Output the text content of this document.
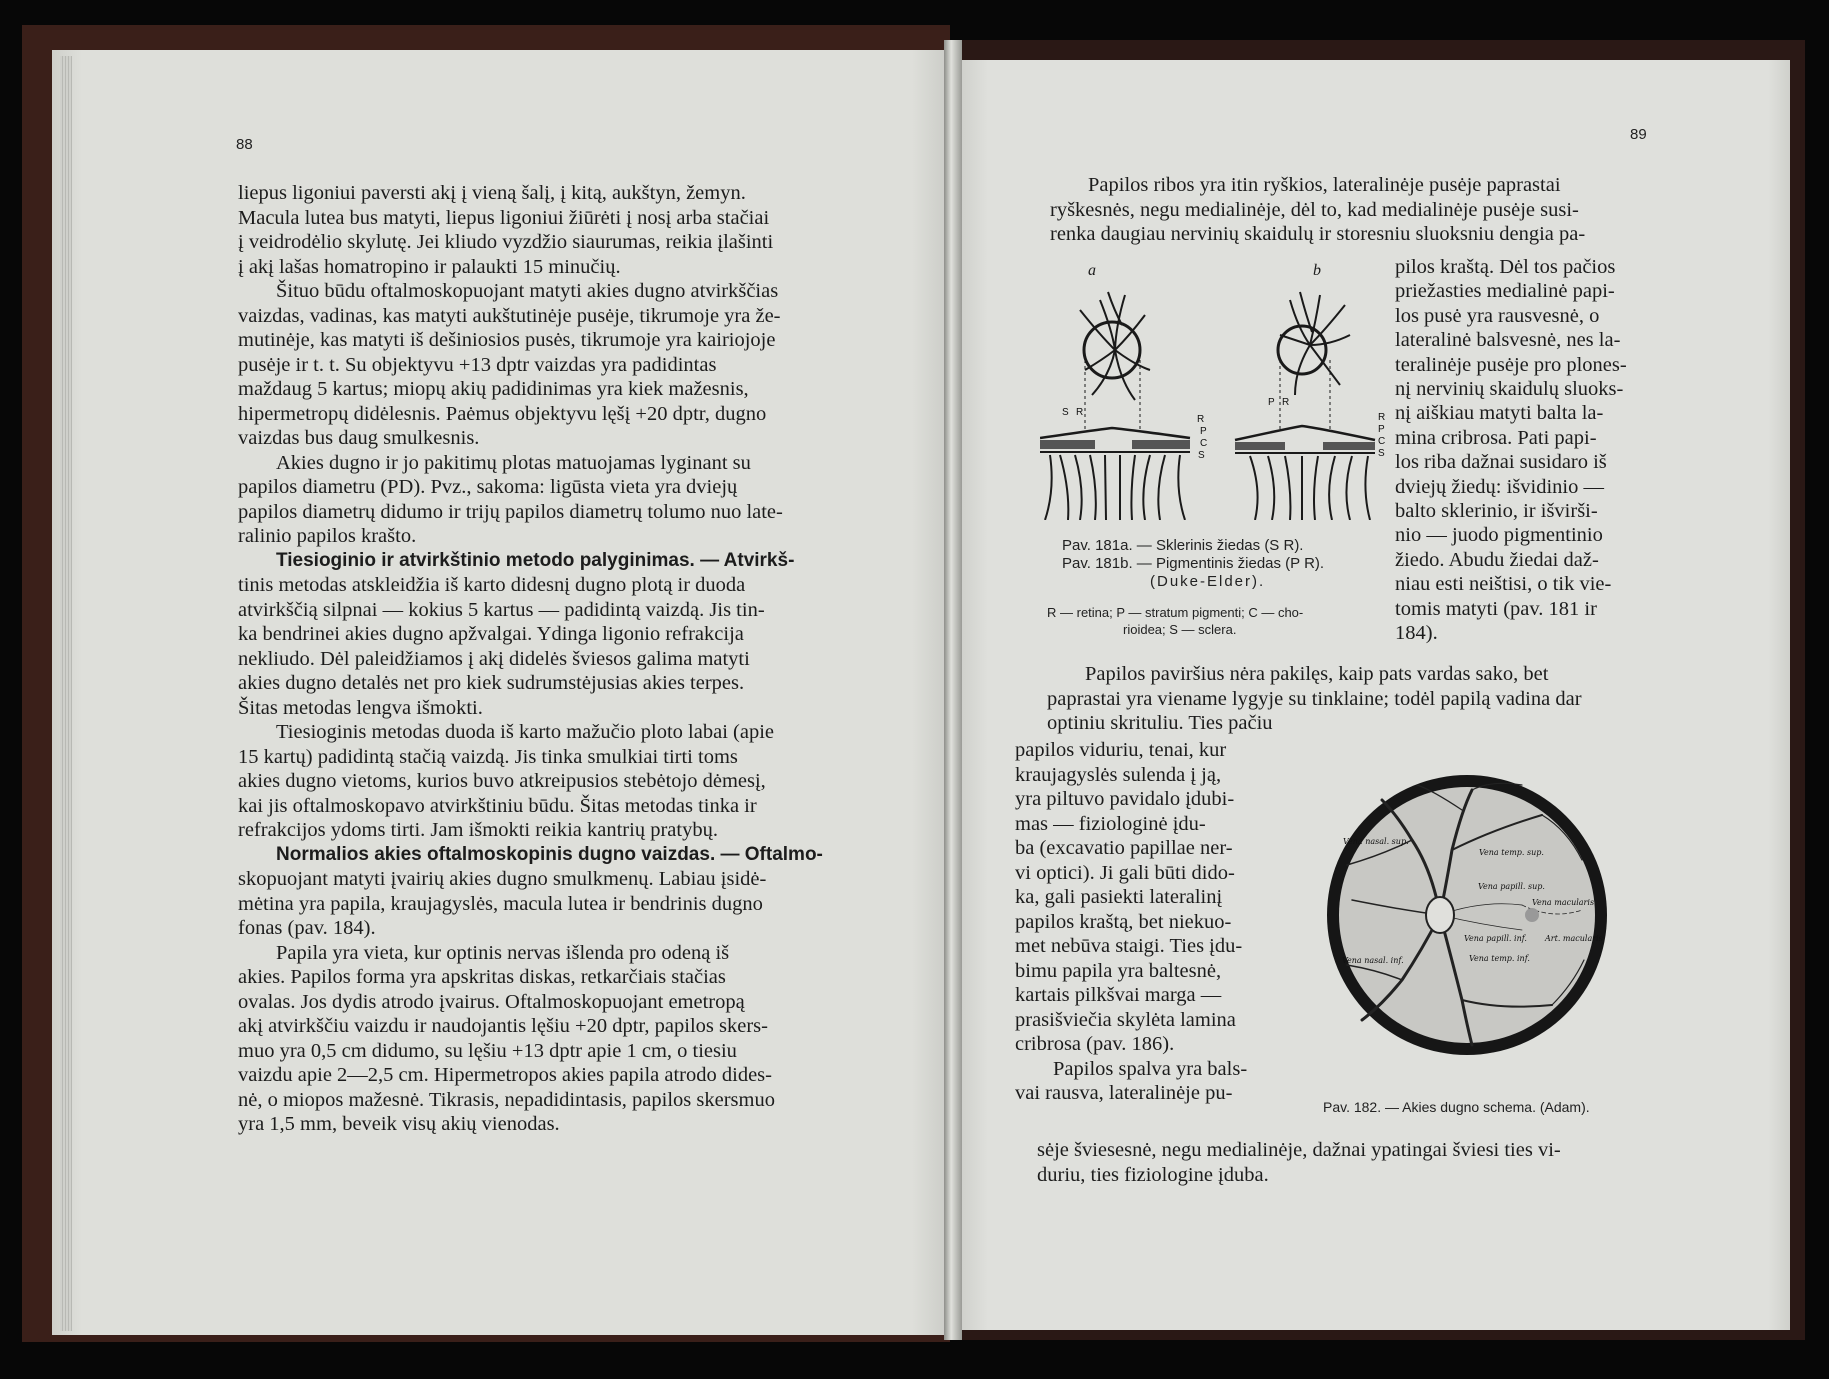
88
liepus ligoniui paversti akį į vieną šalį, į kitą, aukštyn, žemyn.
Macula lutea bus matyti, liepus ligoniui žiūrėti į nosį arba stačiai
į veidrodėlio skylutę. Jei kliudo vyzdžio siaurumas, reikia įlašinti
į akį lašas homatropino ir palaukti 15 minučių.
Šituo būdu oftalmoskopuojant matyti akies dugno atvirkščias
vaizdas, vadinas, kas matyti aukštutinėje pusėje, tikrumoje yra že-
mutinėje, kas matyti iš dešiniosios pusės, tikrumoje yra kairiojoje
pusėje ir t. t. Su objektyvu +13 dptr vaizdas yra padidintas
maždaug 5 kartus; miopų akių padidinimas yra kiek mažesnis,
hipermetropų didėlesnis. Paėmus objektyvu lęšį +20 dptr, dugno
vaizdas bus daug smulkesnis.
Akies dugno ir jo pakitimų plotas matuojamas lyginant su
papilos diametru (PD). Pvz., sakoma: ligūsta vieta yra dviejų
papilos diametrų didumo ir trijų papilos diametrų tolumo nuo late-
ralinio papilos krašto.
Tiesioginio ir atvirkštinio metodo palyginimas. — Atvirkš-
tinis metodas atskleidžia iš karto didesnį dugno plotą ir duoda
atvirkščią silpnai — kokius 5 kartus — padidintą vaizdą. Jis tin-
ka bendrinei akies dugno apžvalgai. Ydinga ligonio refrakcija
nekliudo. Dėl paleidžiamos į akį didelės šviesos galima matyti
akies dugno detalės net pro kiek sudrumstėjusias akies terpes.
Šitas metodas lengva išmokti.
Tiesioginis metodas duoda iš karto mažučio ploto labai (apie
15 kartų) padidintą stačią vaizdą. Jis tinka smulkiai tirti toms
akies dugno vietoms, kurios buvo atkreipusios stebėtojo dėmesį,
kai jis oftalmoskopavo atvirkštiniu būdu. Šitas metodas tinka ir
refrakcijos ydoms tirti. Jam išmokti reikia kantrių pratybų.
Normalios akies oftalmoskopinis dugno vaizdas. — Oftalmo-
skopuojant matyti įvairių akies dugno smulkmenų. Labiau įsidė-
mėtina yra papila, kraujagyslės, macula lutea ir bendrinis dugno
fonas (pav. 184).
Papila yra vieta, kur optinis nervas išlenda pro odeną iš
akies. Papilos forma yra apskritas diskas, retkarčiais stačias
ovalas. Jos dydis atrodo įvairus. Oftalmoskopuojant emetropą
akį atvirkščiu vaizdu ir naudojantis lęšiu +20 dptr, papilos skers-
muo yra 0,5 cm didumo, su lęšiu +13 dptr apie 1 cm, o tiesiu
vaizdu apie 2—2,5 cm. Hipermetropos akies papila atrodo dides-
nė, o miopos mažesnė. Tikrasis, nepadidintasis, papilos skersmuo
yra 1,5 mm, beveik visų akių vienodas.
89
Papilos ribos yra itin ryškios, lateralinėje pusėje paprastai
ryškesnės, negu medialinėje, dėl to, kad medialinėje pusėje susi-
renka daugiau nervinių skaidulų ir storesniu sluoksniu dengia pa-
pilos kraštą. Dėl tos pačios
priežasties medialinė papi-
los pusė yra rausvesnė, o
lateralinė balsvesnė, nes la-
teralinėje pusėje pro plones-
nį nervinių skaidulų sluoks-
nį aiškiau matyti balta la-
mina cribrosa. Pati papi-
los riba dažnai susidaro iš
dviejų žiedų: išvidinio —
balto sklerinio, ir išvirši-
nio — juodo pigmentinio
žiedo. Abudu žiedai daž-
niau esti neištisi, o tik vie-
tomis matyti (pav. 181 ir
184).
Papilos paviršius nėra pakilęs, kaip pats vardas sako, bet
paprastai yra viename lygyje su tinklaine; todėl papilą vadina dar
optiniu skrituliu. Ties pačiu
papilos viduriu, tenai, kur
kraujagyslės sulenda į ją,
yra piltuvo pavidalo įdubi-
mas — fiziologinė įdu-
ba (excavatio papillae ner-
vi optici). Ji gali būti dido-
ka, gali pasiekti lateralinį
papilos kraštą, bet niekuo-
met nebūva staigi. Ties įdu-
bimu papila yra baltesnė,
kartais pilkšvai marga —
prasišviečia skylėta lamina
cribrosa (pav. 186).
Papilos spalva yra bals-
vai rausva, lateralinėje pu-
sėje šviesesnė, negu medialinėje, dažnai ypatingai šviesi ties vi-
duriu, ties fiziologine įduba.
a	b
S R
R
P
C
S
P R
R
P
C
S
Pav. 181a. — Sklerinis žiedas (S R).
Pav. 181b. — Pigmentinis žiedas (P R).
(Duke-Elder).
R — retina; P — stratum pigmenti; C — cho-
rioidea; S — sclera.
Vena nasal. sup.
Vena temp. sup.
Vena papill. sup.
Vena macularis
Vena papill. inf. Art. macularis
Vena nasal. inf.	Vena temp. inf.
Pav. 182. — Akies dugno schema. (Adam).
